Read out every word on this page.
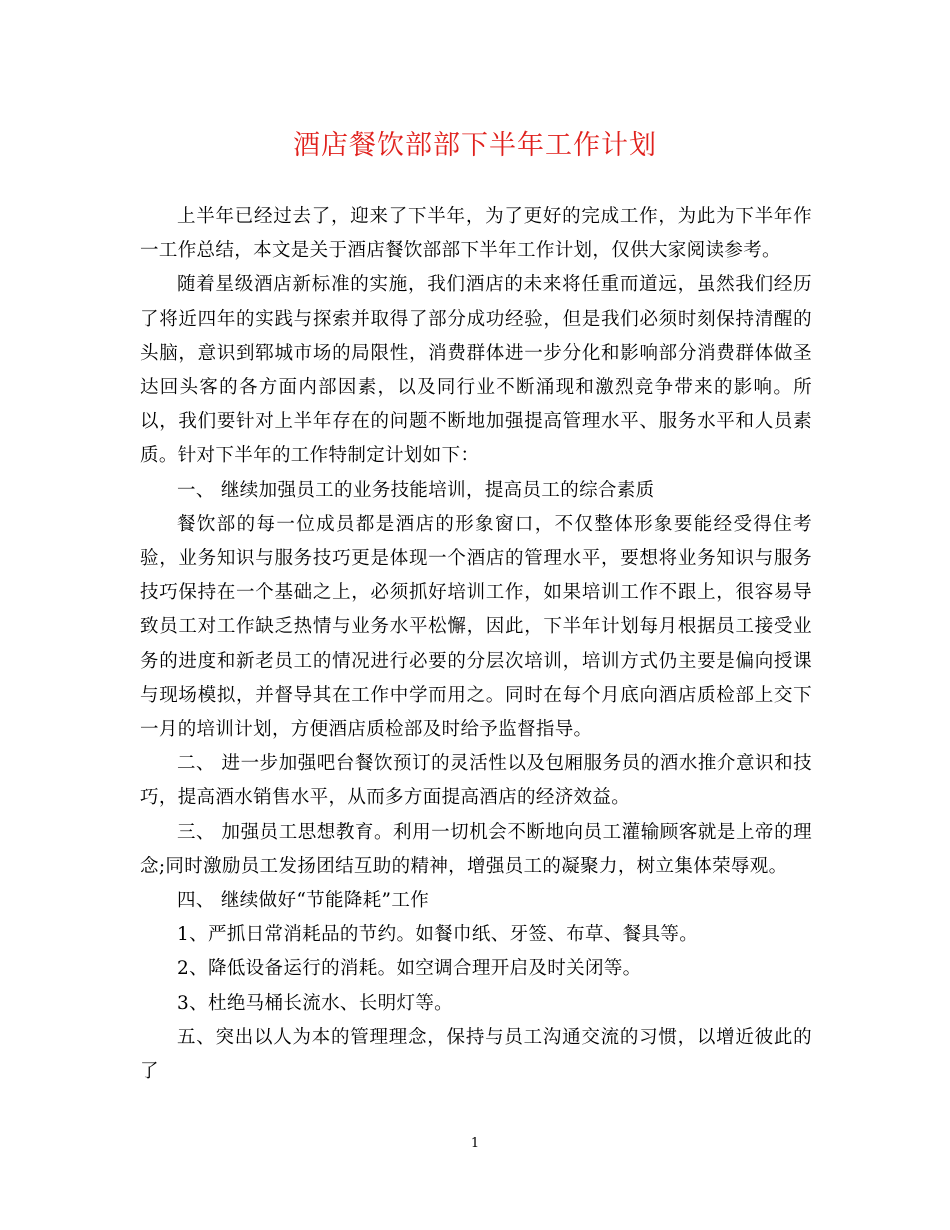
酒店餐饮部部下半年工作计划

上半年已经过去了，迎来了下半年，为了更好的完成工作，为此为下半年作一工作总结，本文是关于酒店餐饮部部下半年工作计划，仅供大家阅读参考。

随着星级酒店新标准的实施，我们酒店的未来将任重而道远，虽然我们经历了将近四年的实践与探索并取得了部分成功经验，但是我们必须时刻保持清醒的头脑，意识到郓城市场的局限性，消费群体进一步分化和影响部分消费群体做圣达回头客的各方面内部因素，以及同行业不断涌现和激烈竞争带来的影响。所以，我们要针对上半年存在的问题不断地加强提高管理水平、服务水平和人员素质。针对下半年的工作特制定计划如下：

一、 继续加强员工的业务技能培训，提高员工的综合素质

餐饮部的每一位成员都是酒店的形象窗口，不仅整体形象要能经受得住考验，业务知识与服务技巧更是体现一个酒店的管理水平，要想将业务知识与服务技巧保持在一个基础之上，必须抓好培训工作，如果培训工作不跟上，很容易导致员工对工作缺乏热情与业务水平松懈，因此，下半年计划每月根据员工接受业务的进度和新老员工的情况进行必要的分层次培训，培训方式仍主要是偏向授课与现场模拟，并督导其在工作中学而用之。同时在每个月底向酒店质检部上交下一月的培训计划，方便酒店质检部及时给予监督指导。

二、 进一步加强吧台餐饮预订的灵活性以及包厢服务员的酒水推介意识和技巧，提高酒水销售水平，从而多方面提高酒店的经济效益。

三、 加强员工思想教育。利用一切机会不断地向员工灌输顾客就是上帝的理念;同时激励员工发扬团结互助的精神，增强员工的凝聚力，树立集体荣辱观。

四、 继续做好“节能降耗”工作

1、严抓日常消耗品的节约。如餐巾纸、牙签、布草、餐具等。

2、降低设备运行的消耗。如空调合理开启及时关闭等。

3、杜绝马桶长流水、长明灯等。

五、突出以人为本的管理理念，保持与员工沟通交流的习惯，以增近彼此的了

1
